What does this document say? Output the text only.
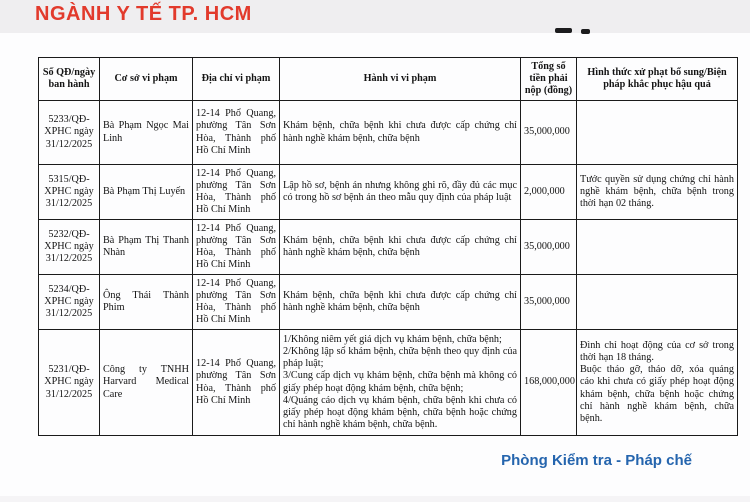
NGÀNH Y TẾ TP. HCM
Số QĐ/ngày ban hành	Cơ sở vi phạm	Địa chỉ vi phạm	Hành vi vi phạm	Tổng số tiền phải nộp (đồng)	Hình thức xử phạt bổ sung/Biện pháp khắc phục hậu quả
5233/QĐ-XPHC ngày 31/12/2025	Bà Phạm Ngọc Mai Linh	12-14 Phổ Quang, phường Tân Sơn Hòa, Thành phố Hồ Chí Minh	Khám bệnh, chữa bệnh khi chưa được cấp chứng chỉ hành nghề khám bệnh, chữa bệnh	35,000,000	
5315/QĐ-XPHC ngày 31/12/2025	Bà Phạm Thị Luyến	12-14 Phổ Quang, phường Tân Sơn Hòa, Thành phố Hồ Chí Minh	Lập hồ sơ, bệnh án nhưng không ghi rõ, đầy đủ các mục có trong hồ sơ bệnh án theo mẫu quy định của pháp luật	2,000,000	Tước quyền sử dụng chứng chỉ hành nghề khám bệnh, chữa bệnh trong thời hạn 02 tháng.
5232/QĐ-XPHC ngày 31/12/2025	Bà Phạm Thị Thanh Nhàn	12-14 Phổ Quang, phường Tân Sơn Hòa, Thành phố Hồ Chí Minh	Khám bệnh, chữa bệnh khi chưa được cấp chứng chỉ hành nghề khám bệnh, chữa bệnh	35,000,000	
5234/QĐ-XPHC ngày 31/12/2025	Ông Thái Thành Phim	12-14 Phổ Quang, phường Tân Sơn Hòa, Thành phố Hồ Chí Minh	Khám bệnh, chữa bệnh khi chưa được cấp chứng chỉ hành nghề khám bệnh, chữa bệnh	35,000,000	
5231/QĐ-XPHC ngày 31/12/2025	Công ty TNHH Harvard Medical Care	12-14 Phổ Quang, phường Tân Sơn Hòa, Thành phố Hồ Chí Minh	1/Không niêm yết giá dịch vụ khám bệnh, chữa bệnh;
2/Không lập sổ khám bệnh, chữa bệnh theo quy định của pháp luật;
3/Cung cấp dịch vụ khám bệnh, chữa bệnh mà không có giấy phép hoạt động khám bệnh, chữa bệnh;
4/Quảng cáo dịch vụ khám bệnh, chữa bệnh khi chưa có giấy phép hoạt động khám bệnh, chữa bệnh hoặc chứng chỉ hành nghề khám bệnh, chữa bệnh.	168,000,000	Đình chỉ hoạt động của cơ sở trong thời hạn 18 tháng.
Buộc tháo gỡ, tháo dỡ, xóa quảng cáo khi chưa có giấy phép hoạt động khám bệnh, chữa bệnh hoặc chứng chỉ hành nghề khám bệnh, chữa bệnh.
Phòng Kiểm tra - Pháp chế
